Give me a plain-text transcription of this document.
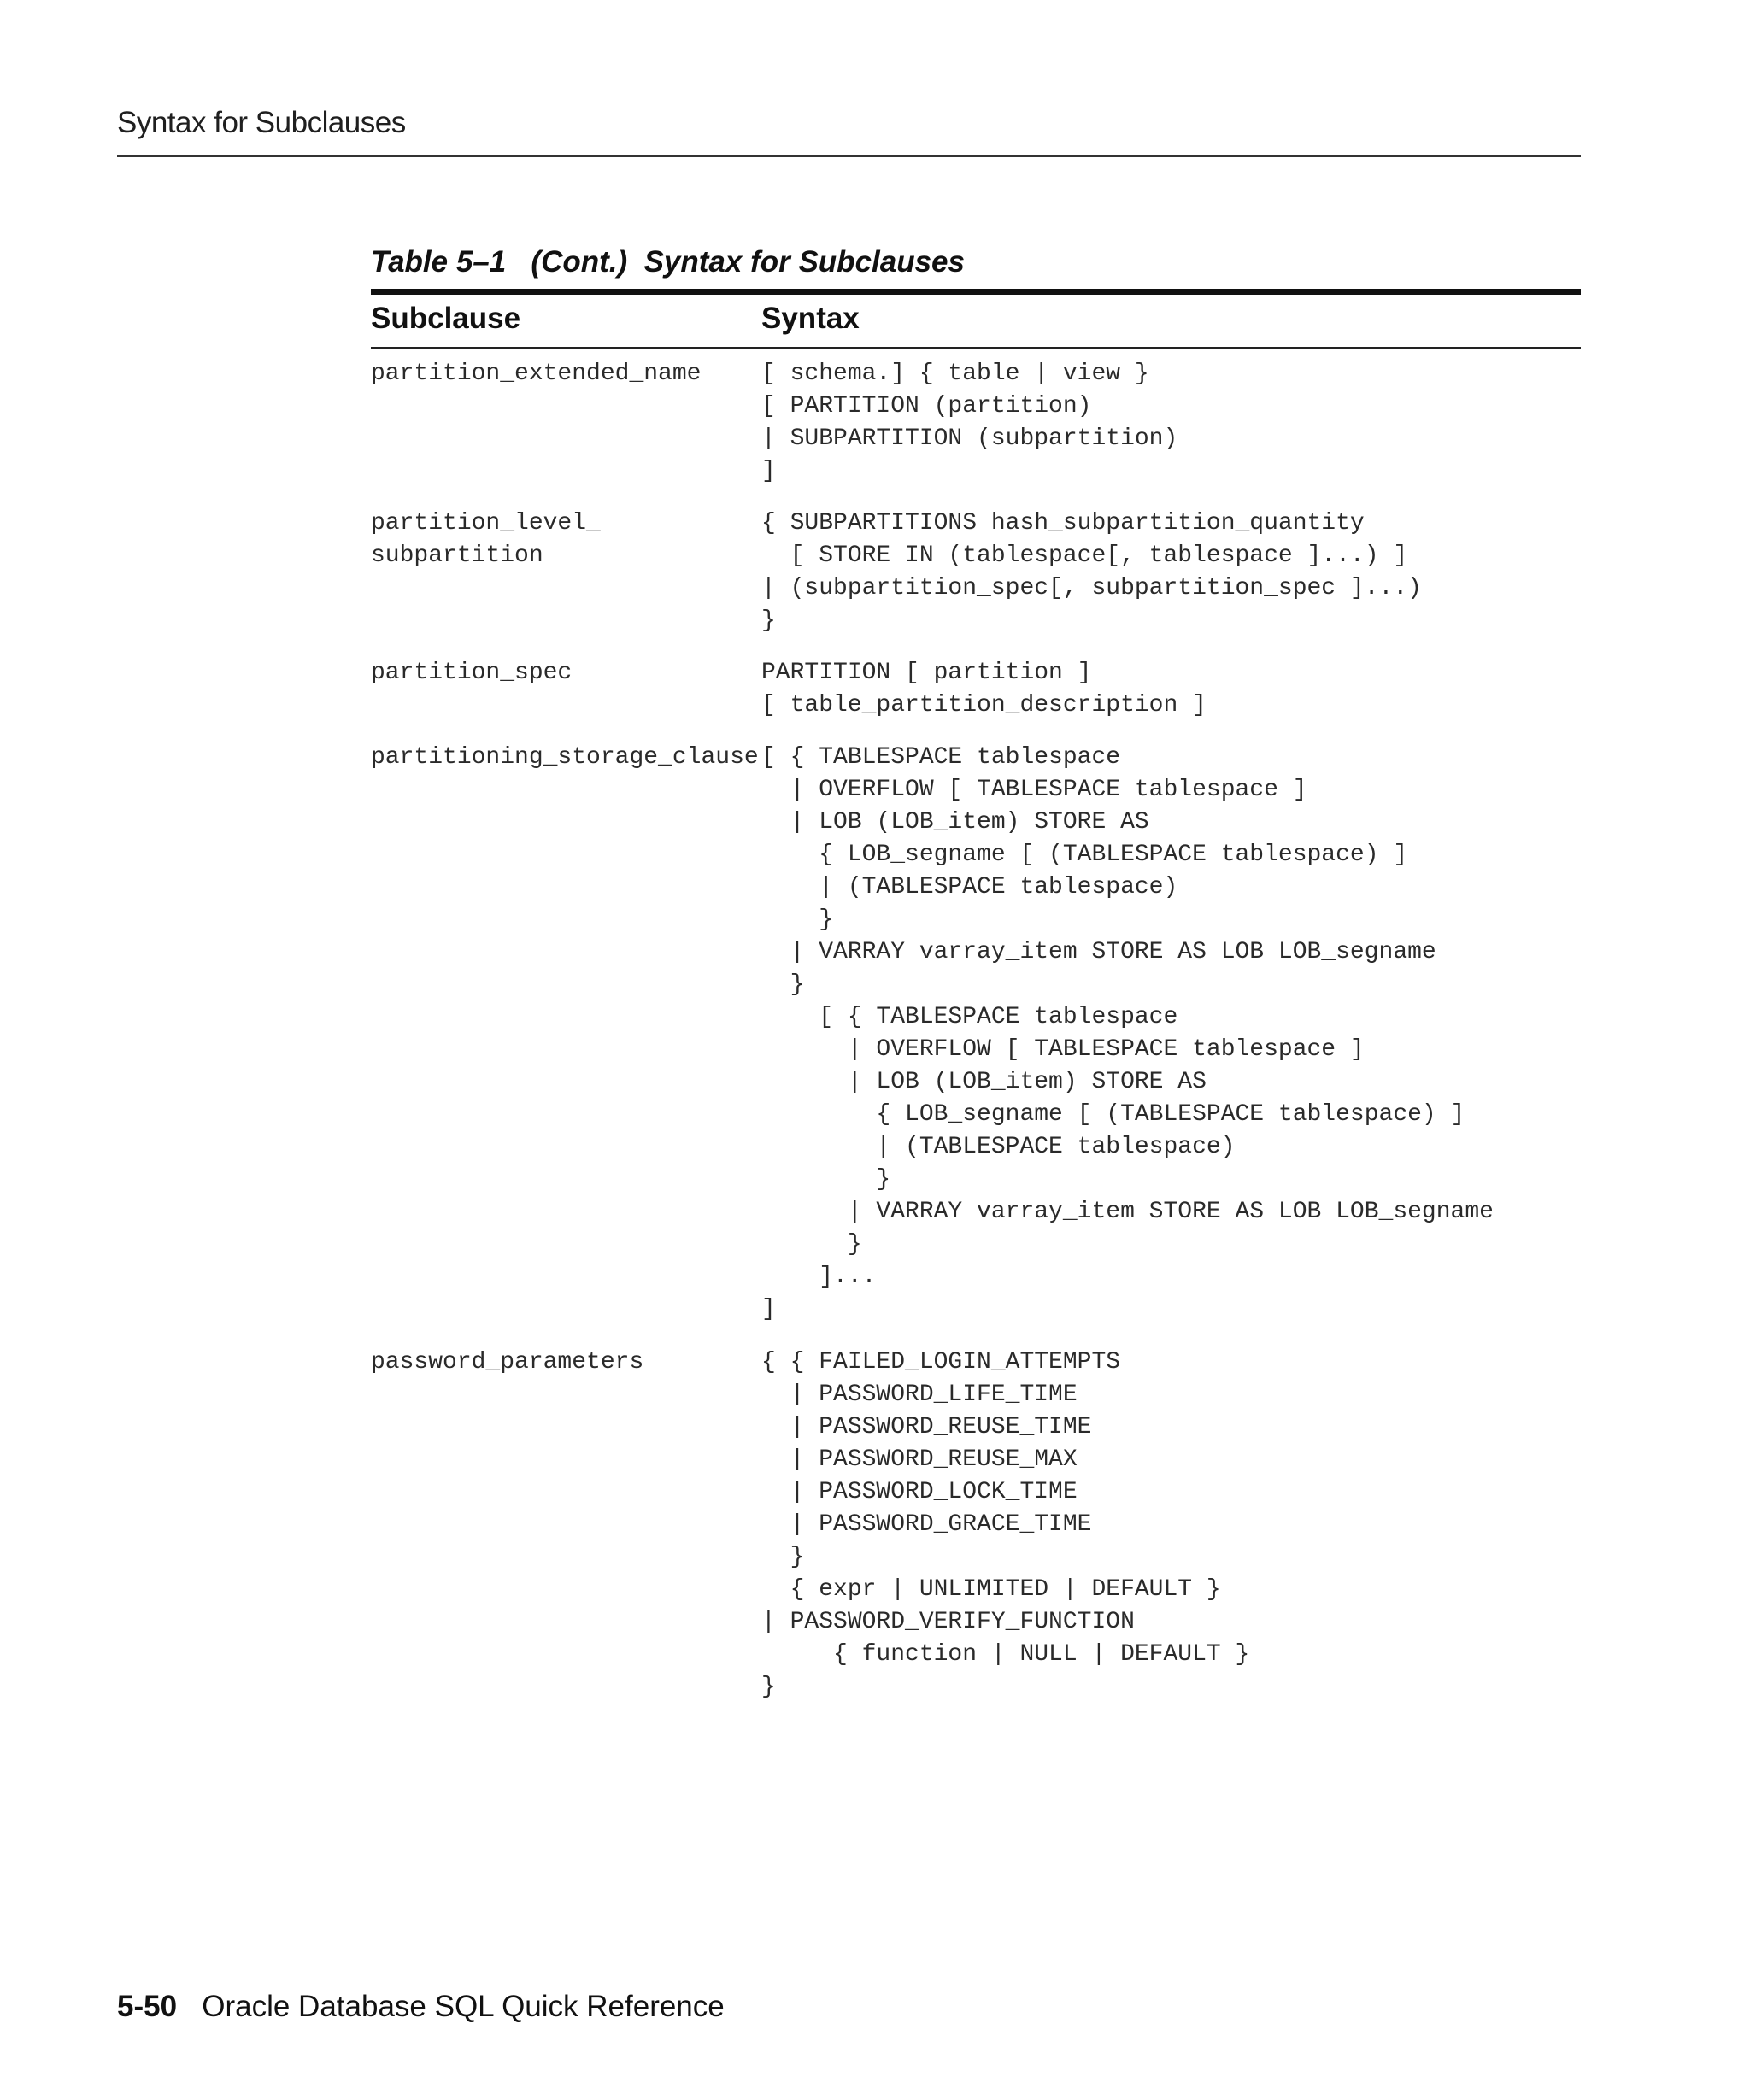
Syntax for Subclauses
Table 5–1   (Cont.)  Syntax for Subclauses
Subclause	Syntax
partition_extended_name	[ schema.] { table | view }
[ PARTITION (partition)
| SUBPARTITION (subpartition)
]
partition_level_
subpartition
{ SUBPARTITIONS hash_subpartition_quantity
[ STORE IN (tablespace[, tablespace ]...) ]
| (subpartition_spec[, subpartition_spec ]...)
}
partition_spec	PARTITION [ partition ]
[ table_partition_description ]
partitioning_storage_clause [ { TABLESPACE tablespace
| OVERFLOW [ TABLESPACE tablespace ]
| LOB (LOB_item) STORE AS
{ LOB_segname [ (TABLESPACE tablespace) ]
| (TABLESPACE tablespace)
}
| VARRAY varray_item STORE AS LOB LOB_segname
}
[ { TABLESPACE tablespace
| OVERFLOW [ TABLESPACE tablespace ]
| LOB (LOB_item) STORE AS
{ LOB_segname [ (TABLESPACE tablespace) ]
| (TABLESPACE tablespace)
}
| VARRAY varray_item STORE AS LOB LOB_segname
}
]...
]
password_parameters	{ { FAILED_LOGIN_ATTEMPTS
| PASSWORD_LIFE_TIME
| PASSWORD_REUSE_TIME
| PASSWORD_REUSE_MAX
| PASSWORD_LOCK_TIME
| PASSWORD_GRACE_TIME
}
{ expr | UNLIMITED | DEFAULT }
| PASSWORD_VERIFY_FUNCTION
{ function | NULL | DEFAULT }
}
5-50 Oracle Database SQL Quick Reference
